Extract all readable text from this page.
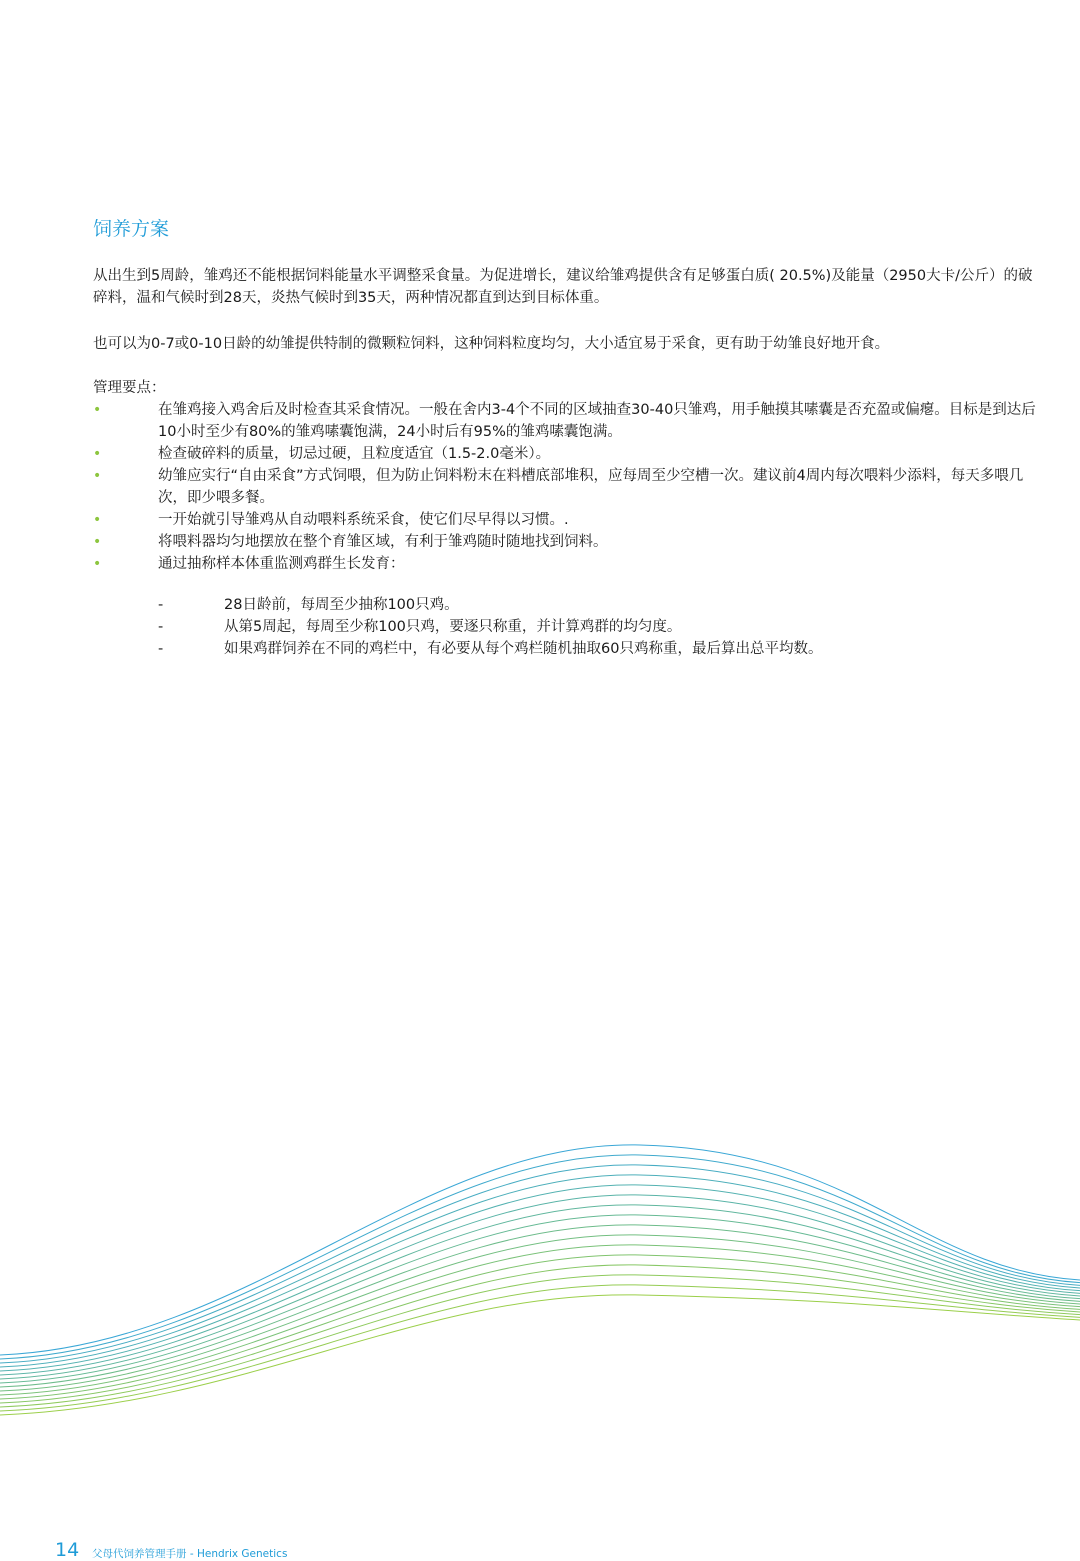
饲养方案

从出生到5周龄，雏鸡还不能根据饲料能量水平调整采食量。为促进增长，建议给雏鸡提供含有足够蛋白质( 20.5%)及能量（2950大卡/公斤）的破碎料，温和气候时到28天，炎热气候时到35天，两种情况都直到达到目标体重。

也可以为0-7或0-10日龄的幼雏提供特制的微颗粒饲料，这种饲料粒度均匀，大小适宜易于采食，更有助于幼雏良好地开食。

管理要点：

•	在雏鸡接入鸡舍后及时检查其采食情况。一般在舍内3-4个不同的区域抽查30-40只雏鸡，用手触摸其嗉囊是否充盈或偏瘪。目标是到达后10小时至少有80%的雏鸡嗉囊饱满，24小时后有95%的雏鸡嗉囊饱满。
•	检查破碎料的质量，切忌过硬，且粒度适宜（1.5-2.0毫米）。
•	幼雏应实行“自由采食”方式饲喂，但为防止饲料粉末在料槽底部堆积，应每周至少空槽一次。建议前4周内每次喂料少添料，每天多喂几次，即少喂多餐。
•	一开始就引导雏鸡从自动喂料系统采食，使它们尽早得以习惯。.
•	将喂料器均匀地摆放在整个育雏区域，有利于雏鸡随时随地找到饲料。
•	通过抽称样本体重监测鸡群生长发育：
-	28日龄前，每周至少抽称100只鸡。
-	从第5周起，每周至少称100只鸡，要逐只称重，并计算鸡群的均匀度。
-	如果鸡群饲养在不同的鸡栏中，有必要从每个鸡栏随机抽取60只鸡称重，最后算出总平均数。
14 父母代饲养管理手册 - Hendrix Genetics
